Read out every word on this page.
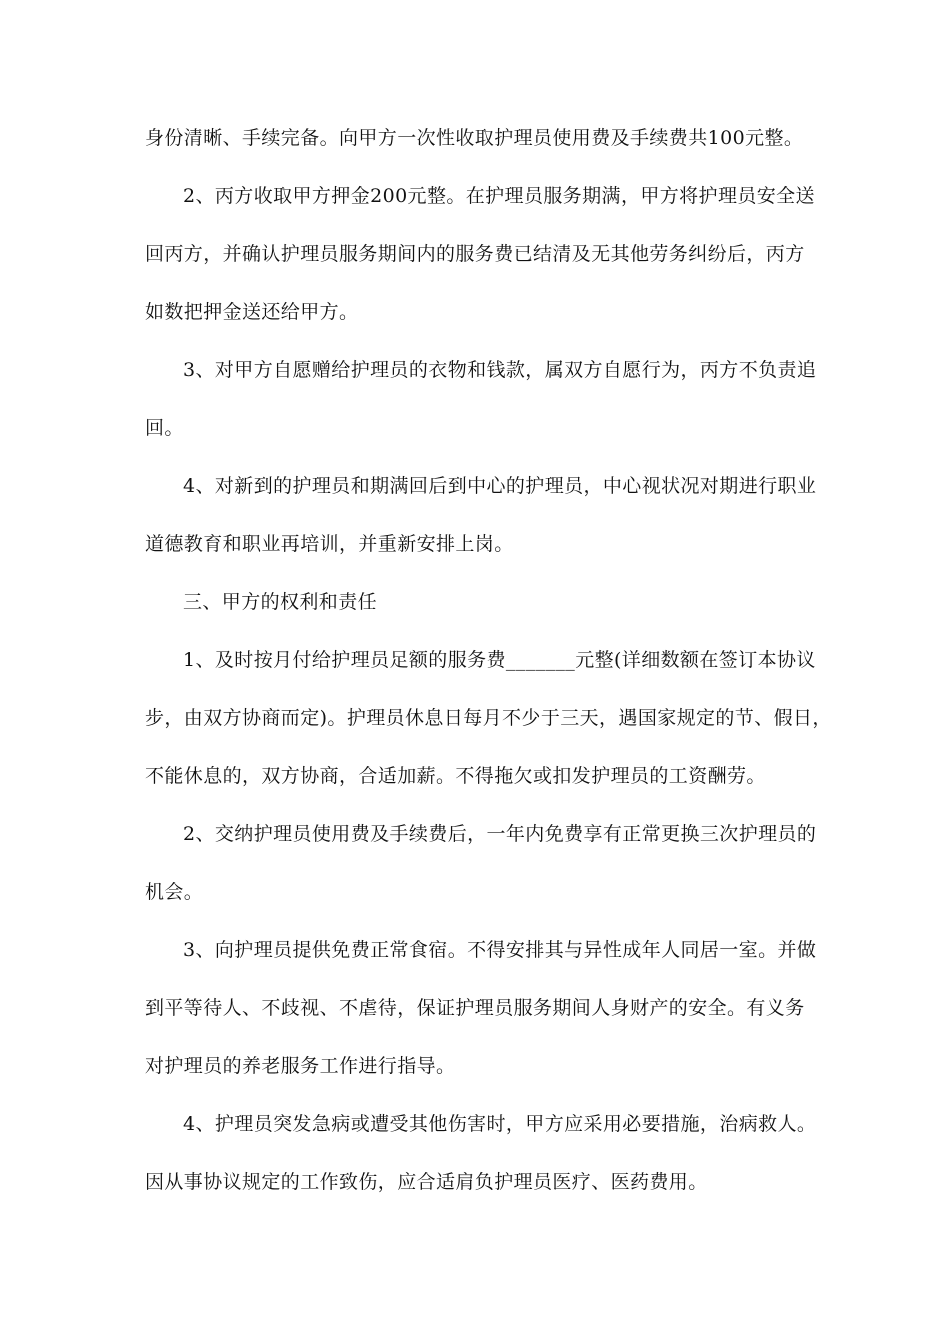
身份清晰、手续完备。向甲方一次性收取护理员使用费及手续费共100元整。
2、丙方收取甲方押金200元整。在护理员服务期满，甲方将护理员安全送
回丙方，并确认护理员服务期间内的服务费已结清及无其他劳务纠纷后，丙方
如数把押金送还给甲方。
3、对甲方自愿赠给护理员的衣物和钱款，属双方自愿行为，丙方不负责追
回。
4、对新到的护理员和期满回后到中心的护理员，中心视状况对期进行职业
道德教育和职业再培训，并重新安排上岗。
三、甲方的权利和责任
1、及时按月付给护理员足额的服务费_______元整(详细数额在签订本协议
步，由双方协商而定)。护理员休息日每月不少于三天，遇国家规定的节、假日，
不能休息的，双方协商，合适加薪。不得拖欠或扣发护理员的工资酬劳。
2、交纳护理员使用费及手续费后，一年内免费享有正常更换三次护理员的
机会。
3、向护理员提供免费正常食宿。不得安排其与异性成年人同居一室。并做
到平等待人、不歧视、不虐待，保证护理员服务期间人身财产的安全。有义务
对护理员的养老服务工作进行指导。
4、护理员突发急病或遭受其他伤害时，甲方应采用必要措施，治病救人。
因从事协议规定的工作致伤，应合适肩负护理员医疗、医药费用。
